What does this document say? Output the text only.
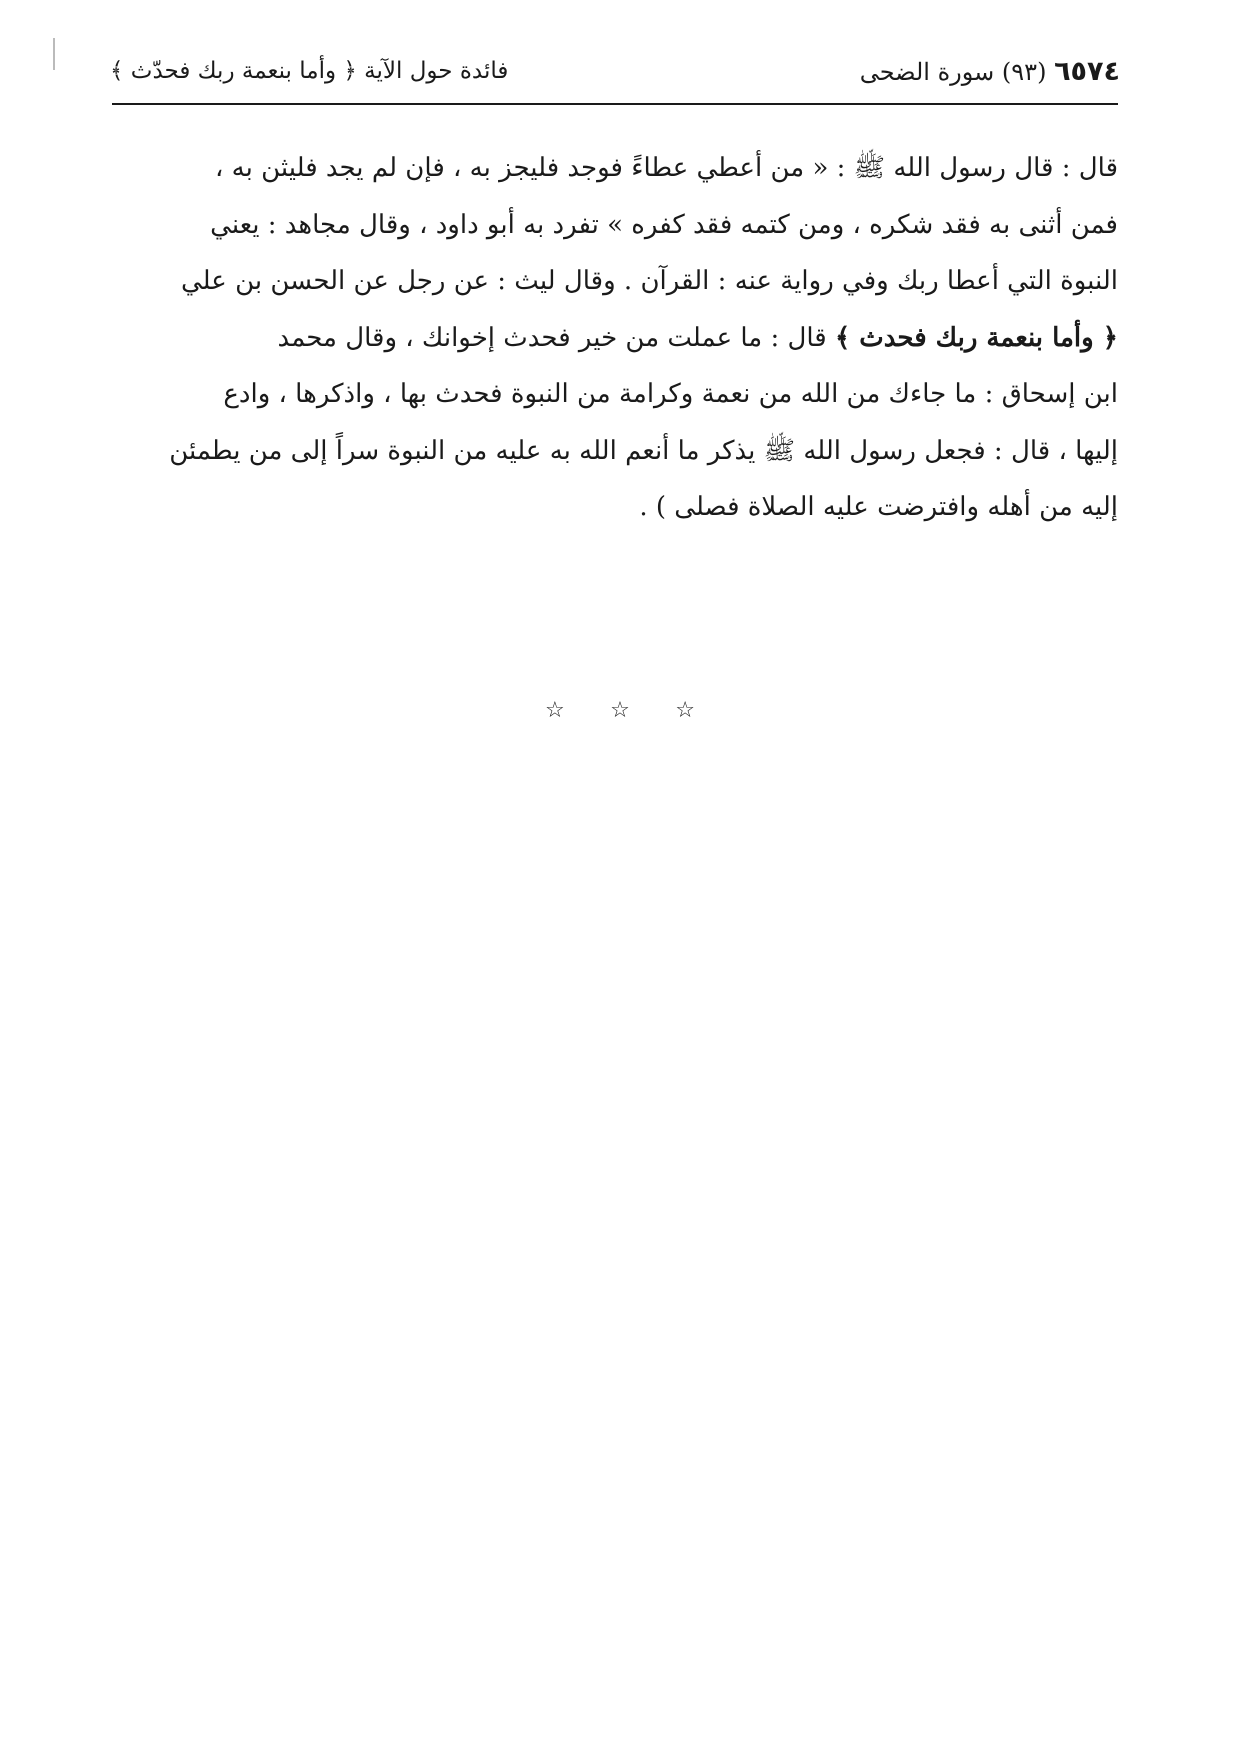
٦٥٧٤ (٩٣) سورة الضحى
فائدة حول الآية ﴿ وأما بنعمة ربك فحدّث ﴾
قال : قال رسول الله ﷺ : « من أعطي عطاءً فوجد فليجز به ، فإن لم يجد فليثن به ،
فمن أثنى به فقد شكره ، ومن كتمه فقد كفره » تفرد به أبو داود ، وقال مجاهد : يعني
النبوة التي أعطا ربك وفي رواية عنه : القرآن . وقال ليث : عن رجل عن الحسن بن علي
﴿ وأما بنعمة ربك فحدث ﴾ قال : ما عملت من خير فحدث إخوانك ، وقال محمد
ابن إسحاق : ما جاءك من الله من نعمة وكرامة من النبوة فحدث بها ، واذكرها ، وادع
إليها ، قال : فجعل رسول الله ﷺ يذكر ما أنعم الله به عليه من النبوة سراً إلى من يطمئن
إليه من أهله وافترضت عليه الصلاة فصلى ) .
☆ ☆ ☆
